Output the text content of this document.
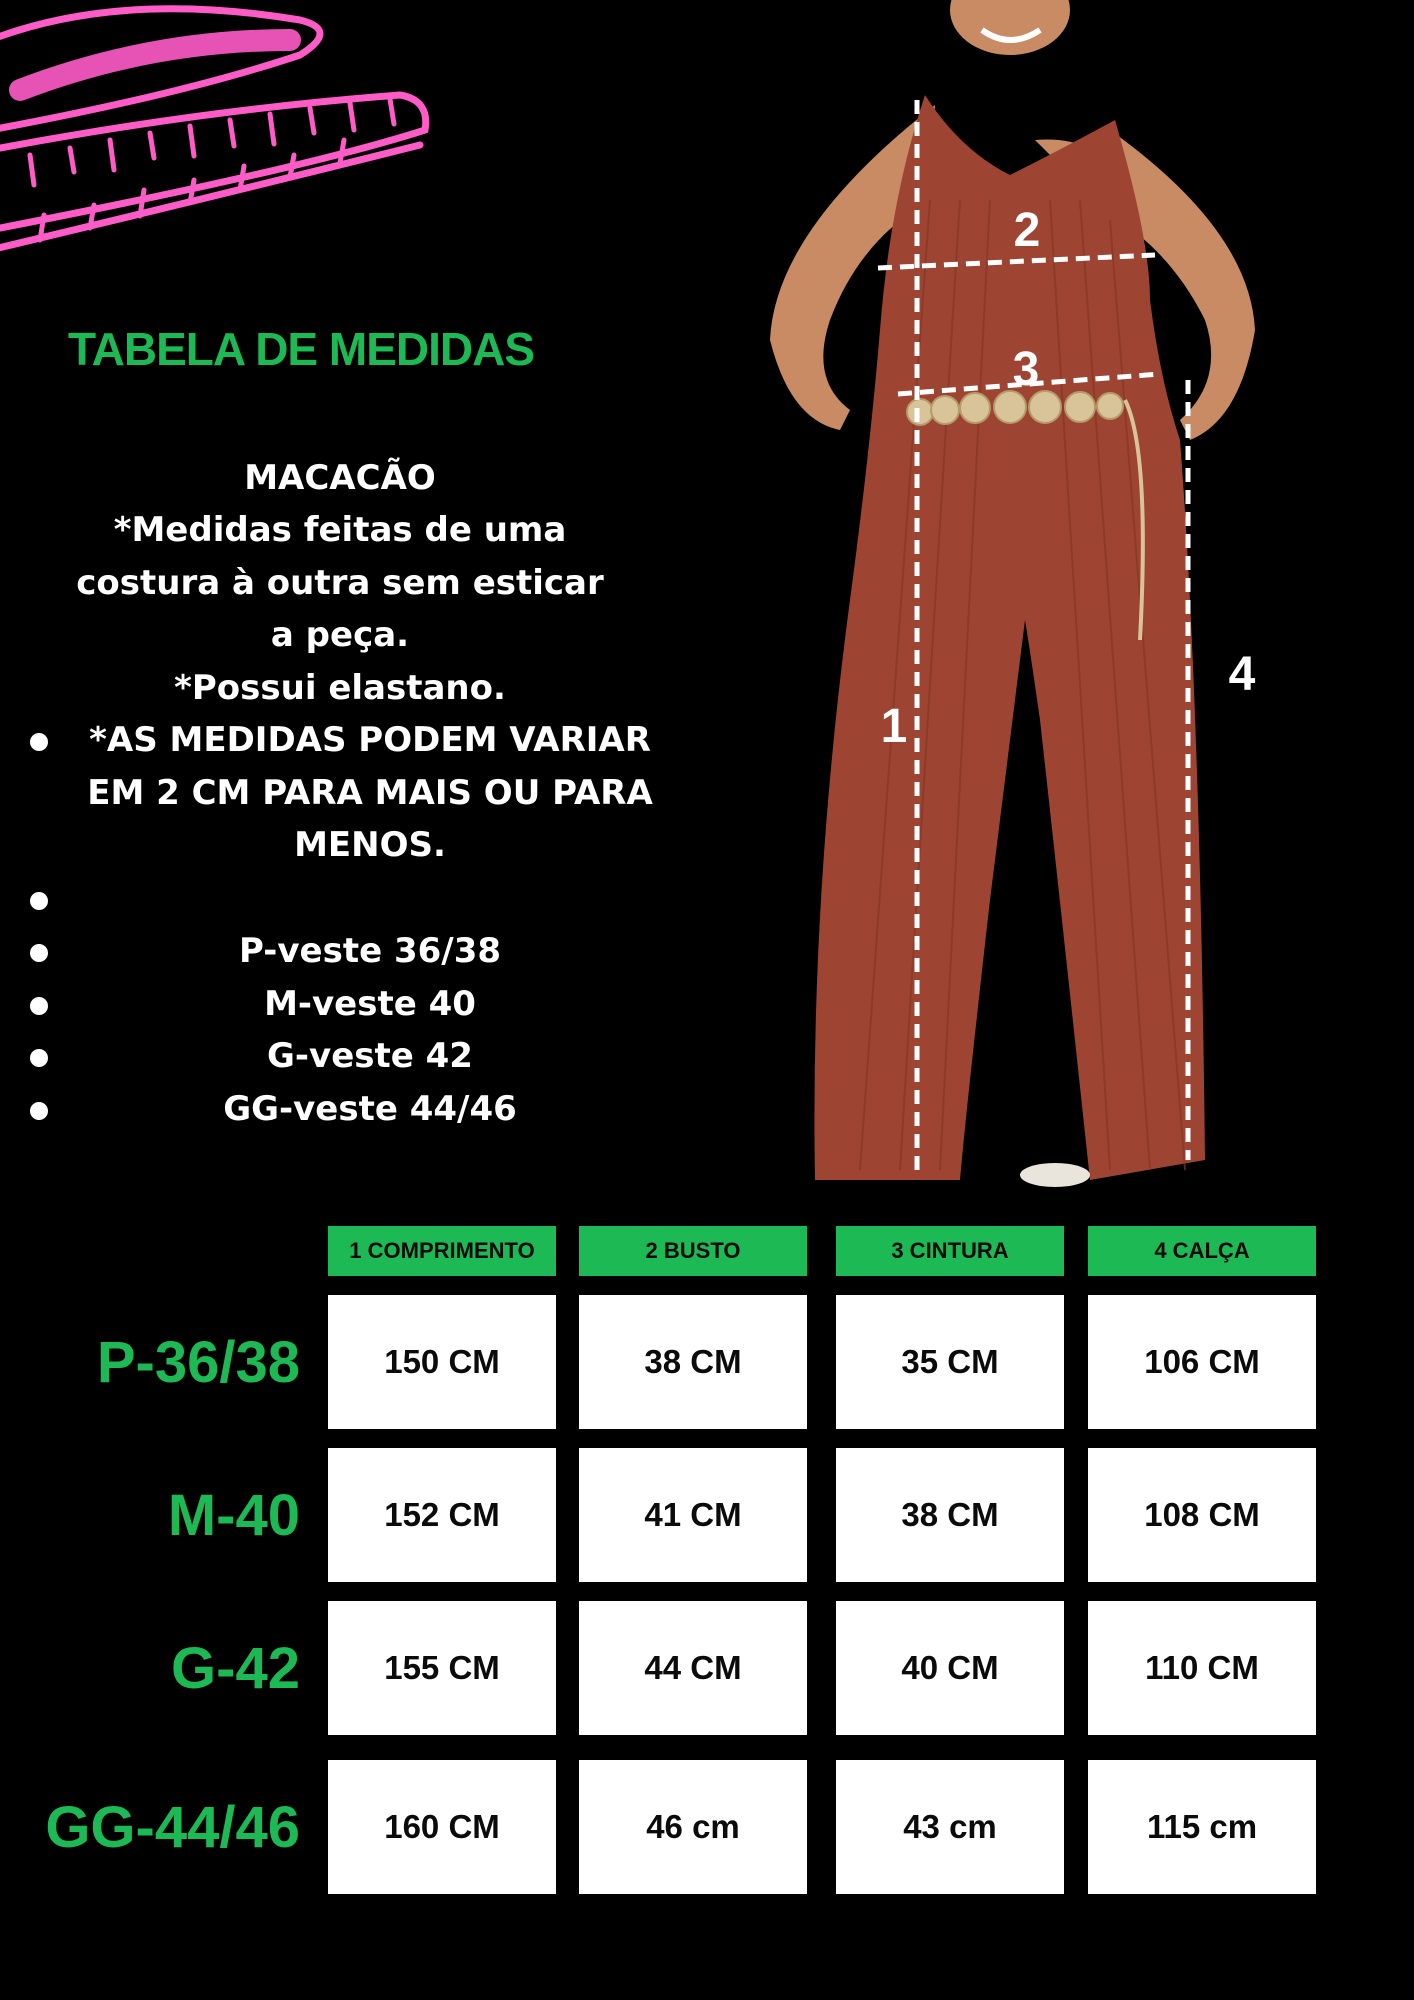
TABELA DE MEDIDAS
MACACÃO
*Medidas feitas de uma
costura à outra sem esticar
a peça.
*Possui elastano.
*AS MEDIDAS PODEM VARIAR
EM 2 CM PARA MAIS OU PARA
MENOS.
P-veste 36/38
M-veste 40
G-veste 42
GG-veste 44/46
2
3
1
4
1 COMPRIMENTO	2 BUSTO	3 CINTURA	4 CALÇA
P-36/38	150 CM	38 CM	35 CM	106 CM
M-40	152 CM	41 CM	38 CM	108 CM
G-42	155 CM	44 CM	40 CM	110 CM
GG-44/46	160 CM	46 cm	43 cm	115 cm
